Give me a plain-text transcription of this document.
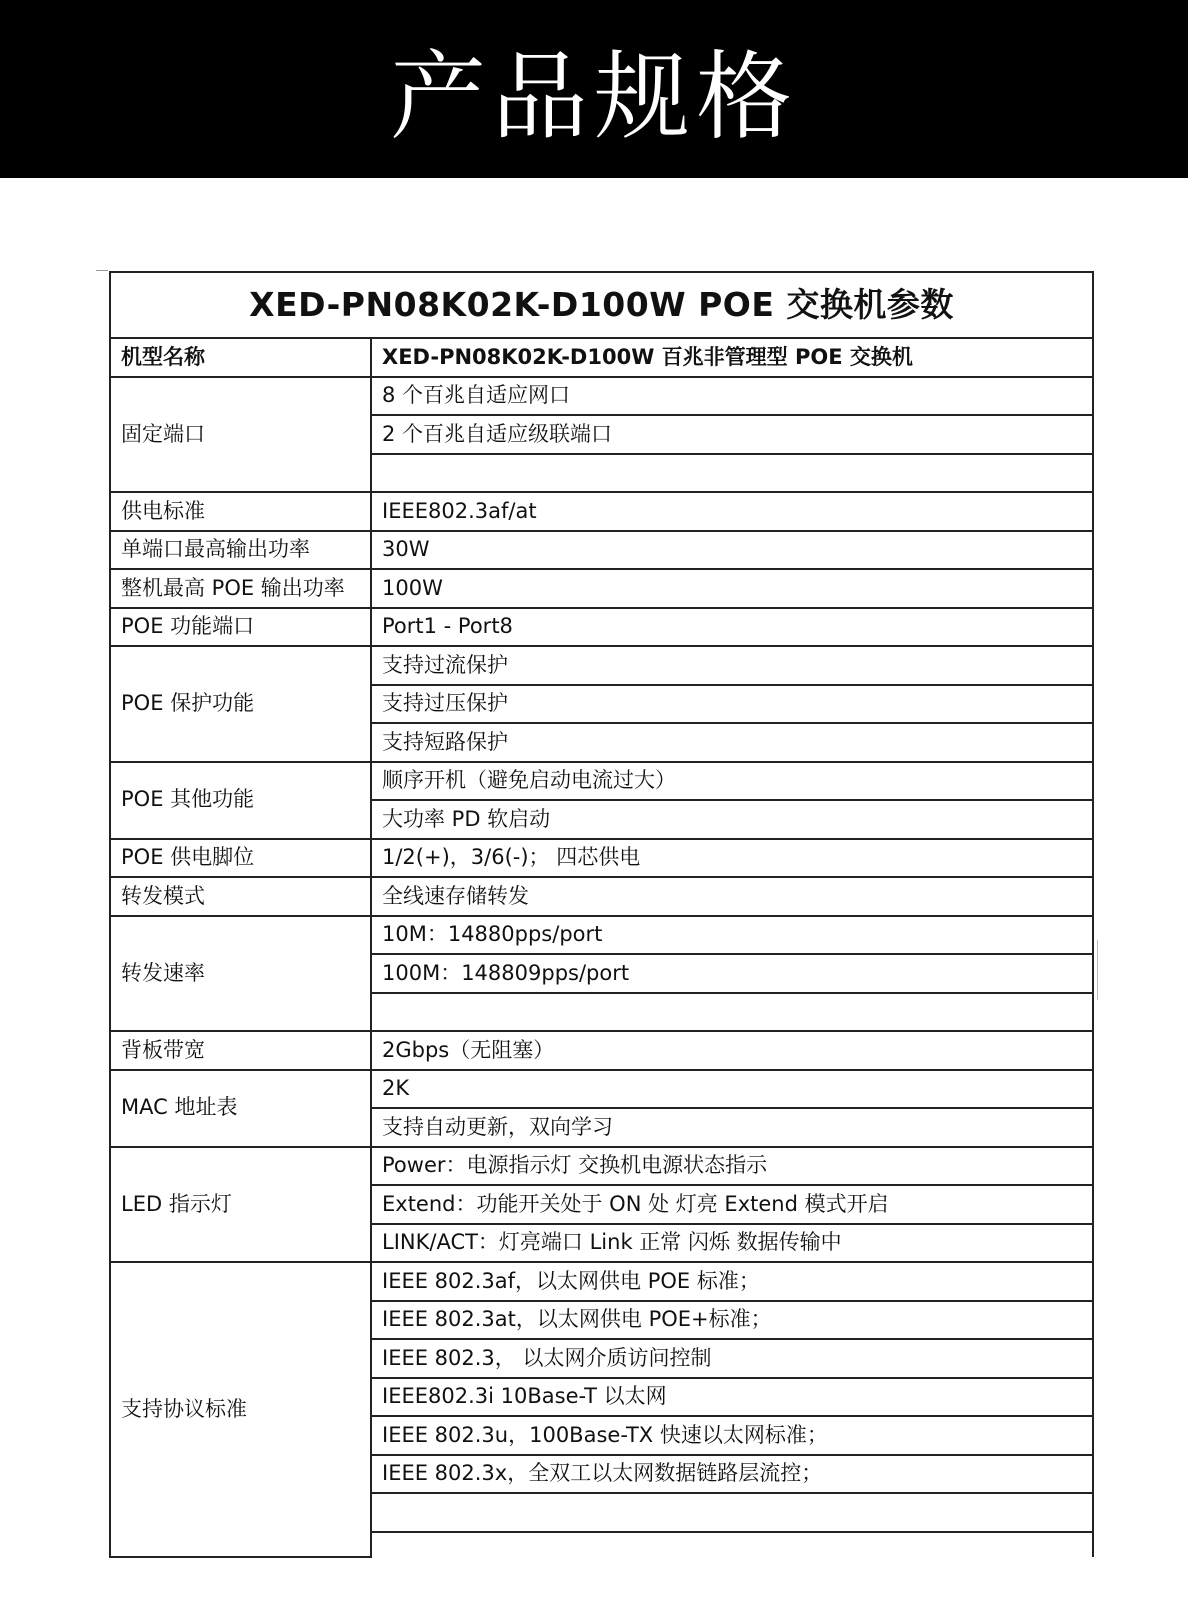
产品规格
XED-PN08K02K-D100W POE 交换机参数	
机型名称	XED-PN08K02K-D100W 百兆非管理型 POE 交换机
固定端口	8 个百兆自适应网口
	2 个百兆自适应级联端口

供电标准	IEEE802.3af/at
单端口最高输出功率	30W
整机最高 POE 输出功率	100W
POE 功能端口	Port1 - Port8
POE 保护功能	支持过流保护
	支持过压保护
	支持短路保护
POE 其他功能	顺序开机（避免启动电流过大）
	大功率 PD 软启动
POE 供电脚位	1/2(+)，3/6(-)； 四芯供电
转发模式	全线速存储转发
转发速率	10M：14880pps/port
	100M：148809pps/port

背板带宽	2Gbps（无阻塞）
MAC 地址表	2K
	支持自动更新，双向学习
LED 指示灯	Power：电源指示灯 交换机电源状态指示
	Extend：功能开关处于 ON 处 灯亮 Extend 模式开启
	LINK/ACT：灯亮端口 Link 正常 闪烁 数据传输中
支持协议标准	IEEE 802.3af，以太网供电 POE 标准；
	IEEE 802.3at，以太网供电 POE+标准；
	IEEE 802.3， 以太网介质访问控制
	IEEE802.3i 10Base-T 以太网
	IEEE 802.3u，100Base-TX 快速以太网标准；
	IEEE 802.3x，全双工以太网数据链路层流控；
